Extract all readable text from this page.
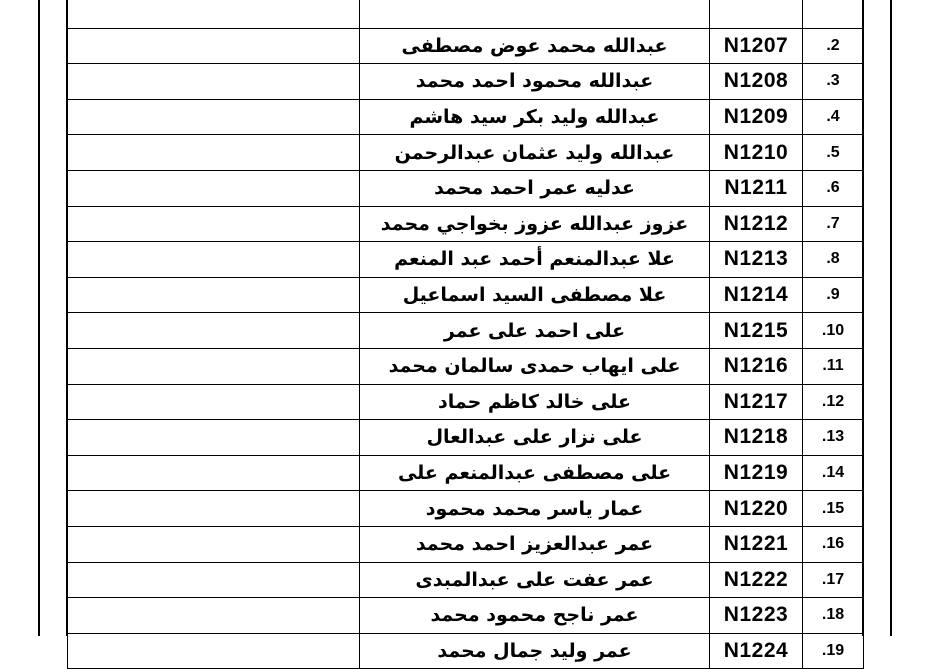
	عبدالله محمد عوض مصطفى	N1207	.2
	عبدالله محمود احمد محمد	N1208	.3
	عبدالله وليد بكر سيد هاشم	N1209	.4
	عبدالله وليد عثمان عبدالرحمن	N1210	.5
	عدليه عمر احمد محمد	N1211	.6
	عزوز عبدالله عزوز بخواجي محمد	N1212	.7
	علا عبدالمنعم أحمد عبد المنعم	N1213	.8
	علا مصطفى السيد اسماعيل	N1214	.9
	على احمد على عمر	N1215	.10
	على ايهاب حمدى سالمان محمد	N1216	.11
	على خالد كاظم حماد	N1217	.12
	على نزار على عبدالعال	N1218	.13
	على مصطفى عبدالمنعم على	N1219	.14
	عمار ياسر محمد محمود	N1220	.15
	عمر عبدالعزيز احمد محمد	N1221	.16
	عمر عفت على عبدالمبدى	N1222	.17
	عمر ناجح محمود محمد	N1223	.18
	عمر وليد جمال محمد	N1224	.19
